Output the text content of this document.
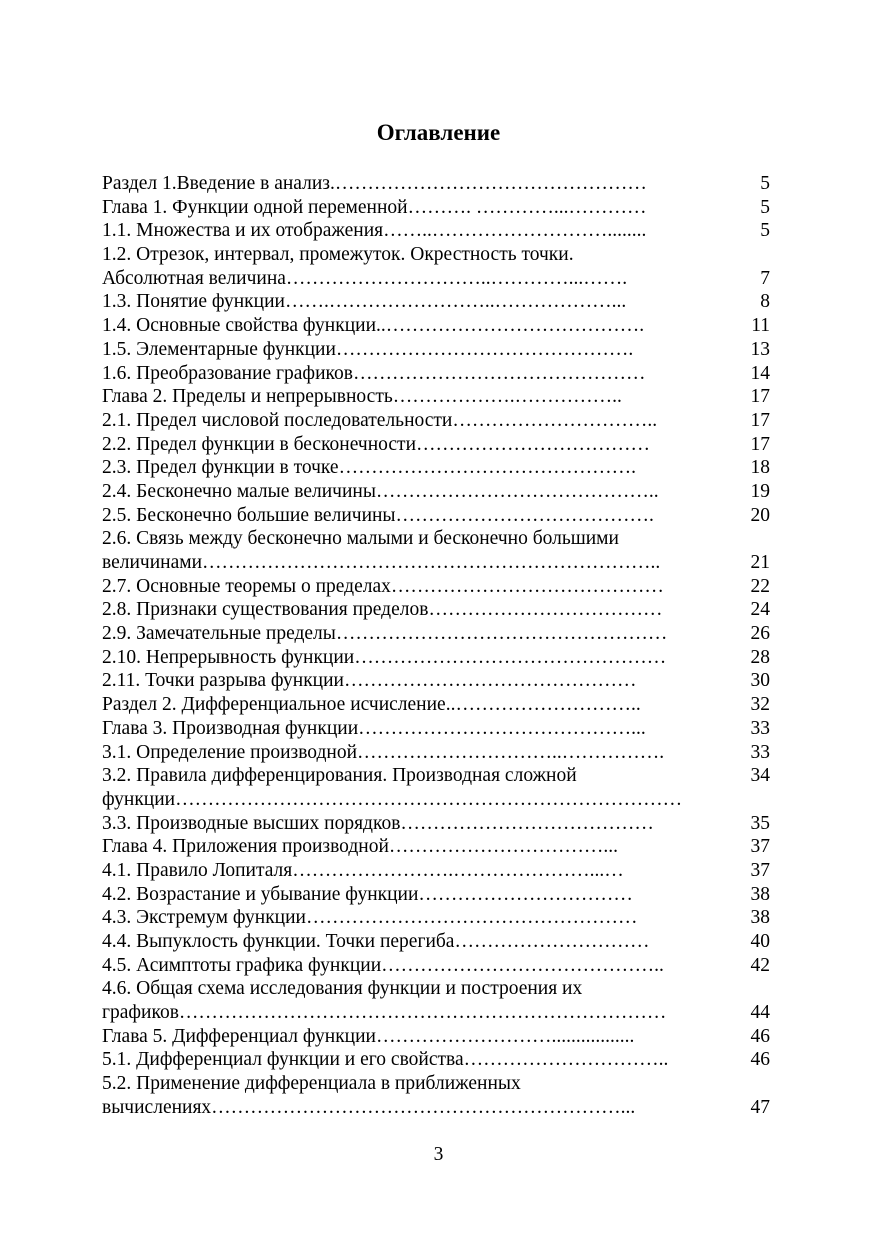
Оглавление
Раздел 1.Введение в анализ.…………………………………………	5
Глава 1. Функции одной переменной………. …………...…………	5
1.1. Множества и их отображения……..………………………........	5
1.2. Отрезок, интервал, промежуток. Окрестность точки.
Абсолютная величина…………………………..…………...…….	7
1.3. Понятие функции…….……………………..………………...	8
1.4. Основные свойства функции..………………………………….	11
1.5. Элементарные функции……………………………………….	13
1.6. Преобразование графиков………………………………………	14
Глава 2. Пределы и непрерывность……………….……………..	17
2.1. Предел числовой последовательности…………………………..	17
2.2. Предел функции в бесконечности………………………………	17
2.3. Предел функции в точке……………………………………….	18
2.4. Бесконечно малые величины……………………………………..	19
2.5. Бесконечно большие величины………………………………….	20
2.6. Связь между бесконечно малыми и бесконечно большими
величинами……………………………………………………………..	21
2.7. Основные теоремы о пределах……………………………………	22
2.8. Признаки существования пределов………………………………	24
2.9. Замечательные пределы……………………………………………	26
2.10. Непрерывность функции…………………………………………	28
2.11. Точки разрыва функции………………………………………	30
Раздел 2. Дифференциальное исчисление..………………………..	32
Глава 3. Производная функции……………………………………...	33
3.1. Определение производной…………………………..…………….	33
3.2. Правила дифференцирования. Производная сложной	34
функции……………………………………………………………………
3.3. Производные высших порядков…………………………………	35
Глава 4. Приложения производной……………………………...	37
4.1. Правило Лопиталя…………………….…………………...…	37
4.2. Возрастание и убывание функции……………………………	38
4.3. Экстремум функции……………………………………………	38
4.4. Выпуклость функции. Точки перегиба…………………………	40
4.5. Асимптоты графика функции……………………………………..	42
4.6. Общая схема исследования функции и построения их
графиков…………………………………………………………………	44
Глава 5. Дифференциал функции……………………….................	46
5.1. Дифференциал функции и его свойства…………………………..	46
5.2. Применение дифференциала в приближенных
вычислениях………………………………………………………...	47
3
